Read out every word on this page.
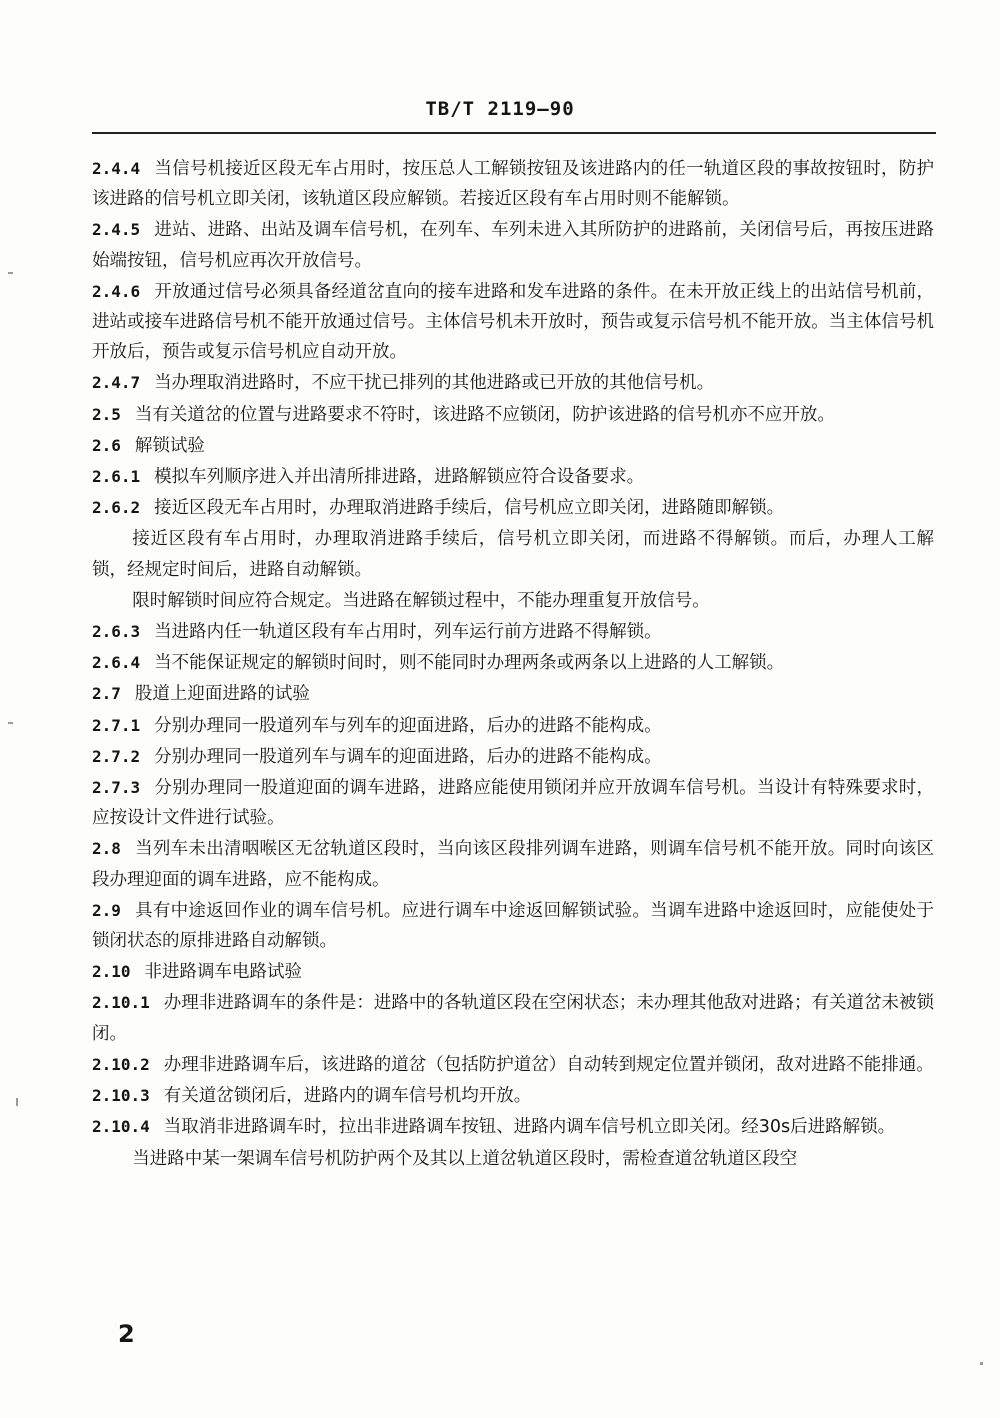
TB/T 2119—90
2.4.4 当信号机接近区段无车占用时，按压总人工解锁按钮及该进路内的任一轨道区段的事故按钮时，防护该进路的信号机立即关闭，该轨道区段应解锁。若接近区段有车占用时则不能解锁。
2.4.5 进站、进路、出站及调车信号机，在列车、车列未进入其所防护的进路前，关闭信号后，再按压进路始端按钮，信号机应再次开放信号。
2.4.6 开放通过信号必须具备经道岔直向的接车进路和发车进路的条件。在未开放正线上的出站信号机前，进站或接车进路信号机不能开放通过信号。主体信号机未开放时，预告或复示信号机不能开放。当主体信号机开放后，预告或复示信号机应自动开放。
2.4.7 当办理取消进路时，不应干扰已排列的其他进路或已开放的其他信号机。
2.5 当有关道岔的位置与进路要求不符时，该进路不应锁闭，防护该进路的信号机亦不应开放。
2.6 解锁试验
2.6.1 模拟车列顺序进入并出清所排进路，进路解锁应符合设备要求。
2.6.2 接近区段无车占用时，办理取消进路手续后，信号机应立即关闭，进路随即解锁。
接近区段有车占用时，办理取消进路手续后，信号机立即关闭，而进路不得解锁。而后，办理人工解锁，经规定时间后，进路自动解锁。
限时解锁时间应符合规定。当进路在解锁过程中，不能办理重复开放信号。
2.6.3 当进路内任一轨道区段有车占用时，列车运行前方进路不得解锁。
2.6.4 当不能保证规定的解锁时间时，则不能同时办理两条或两条以上进路的人工解锁。
2.7 股道上迎面进路的试验
2.7.1 分别办理同一股道列车与列车的迎面进路，后办的进路不能构成。
2.7.2 分别办理同一股道列车与调车的迎面进路，后办的进路不能构成。
2.7.3 分别办理同一股道迎面的调车进路，进路应能使用锁闭并应开放调车信号机。当设计有特殊要求时，应按设计文件进行试验。
2.8 当列车未出清咽喉区无岔轨道区段时，当向该区段排列调车进路，则调车信号机不能开放。同时向该区段办理迎面的调车进路，应不能构成。
2.9 具有中途返回作业的调车信号机。应进行调车中途返回解锁试验。当调车进路中途返回时，应能使处于锁闭状态的原排进路自动解锁。
2.10 非进路调车电路试验
2.10.1 办理非进路调车的条件是：进路中的各轨道区段在空闲状态；未办理其他敌对进路；有关道岔未被锁闭。
2.10.2 办理非进路调车后，该进路的道岔（包括防护道岔）自动转到规定位置并锁闭，敌对进路不能排通。
2.10.3 有关道岔锁闭后，进路内的调车信号机均开放。
2.10.4 当取消非进路调车时，拉出非进路调车按钮、进路内调车信号机立即关闭。经30s后进路解锁。
当进路中某一架调车信号机防护两个及其以上道岔轨道区段时，需检查道岔轨道区段空
2
